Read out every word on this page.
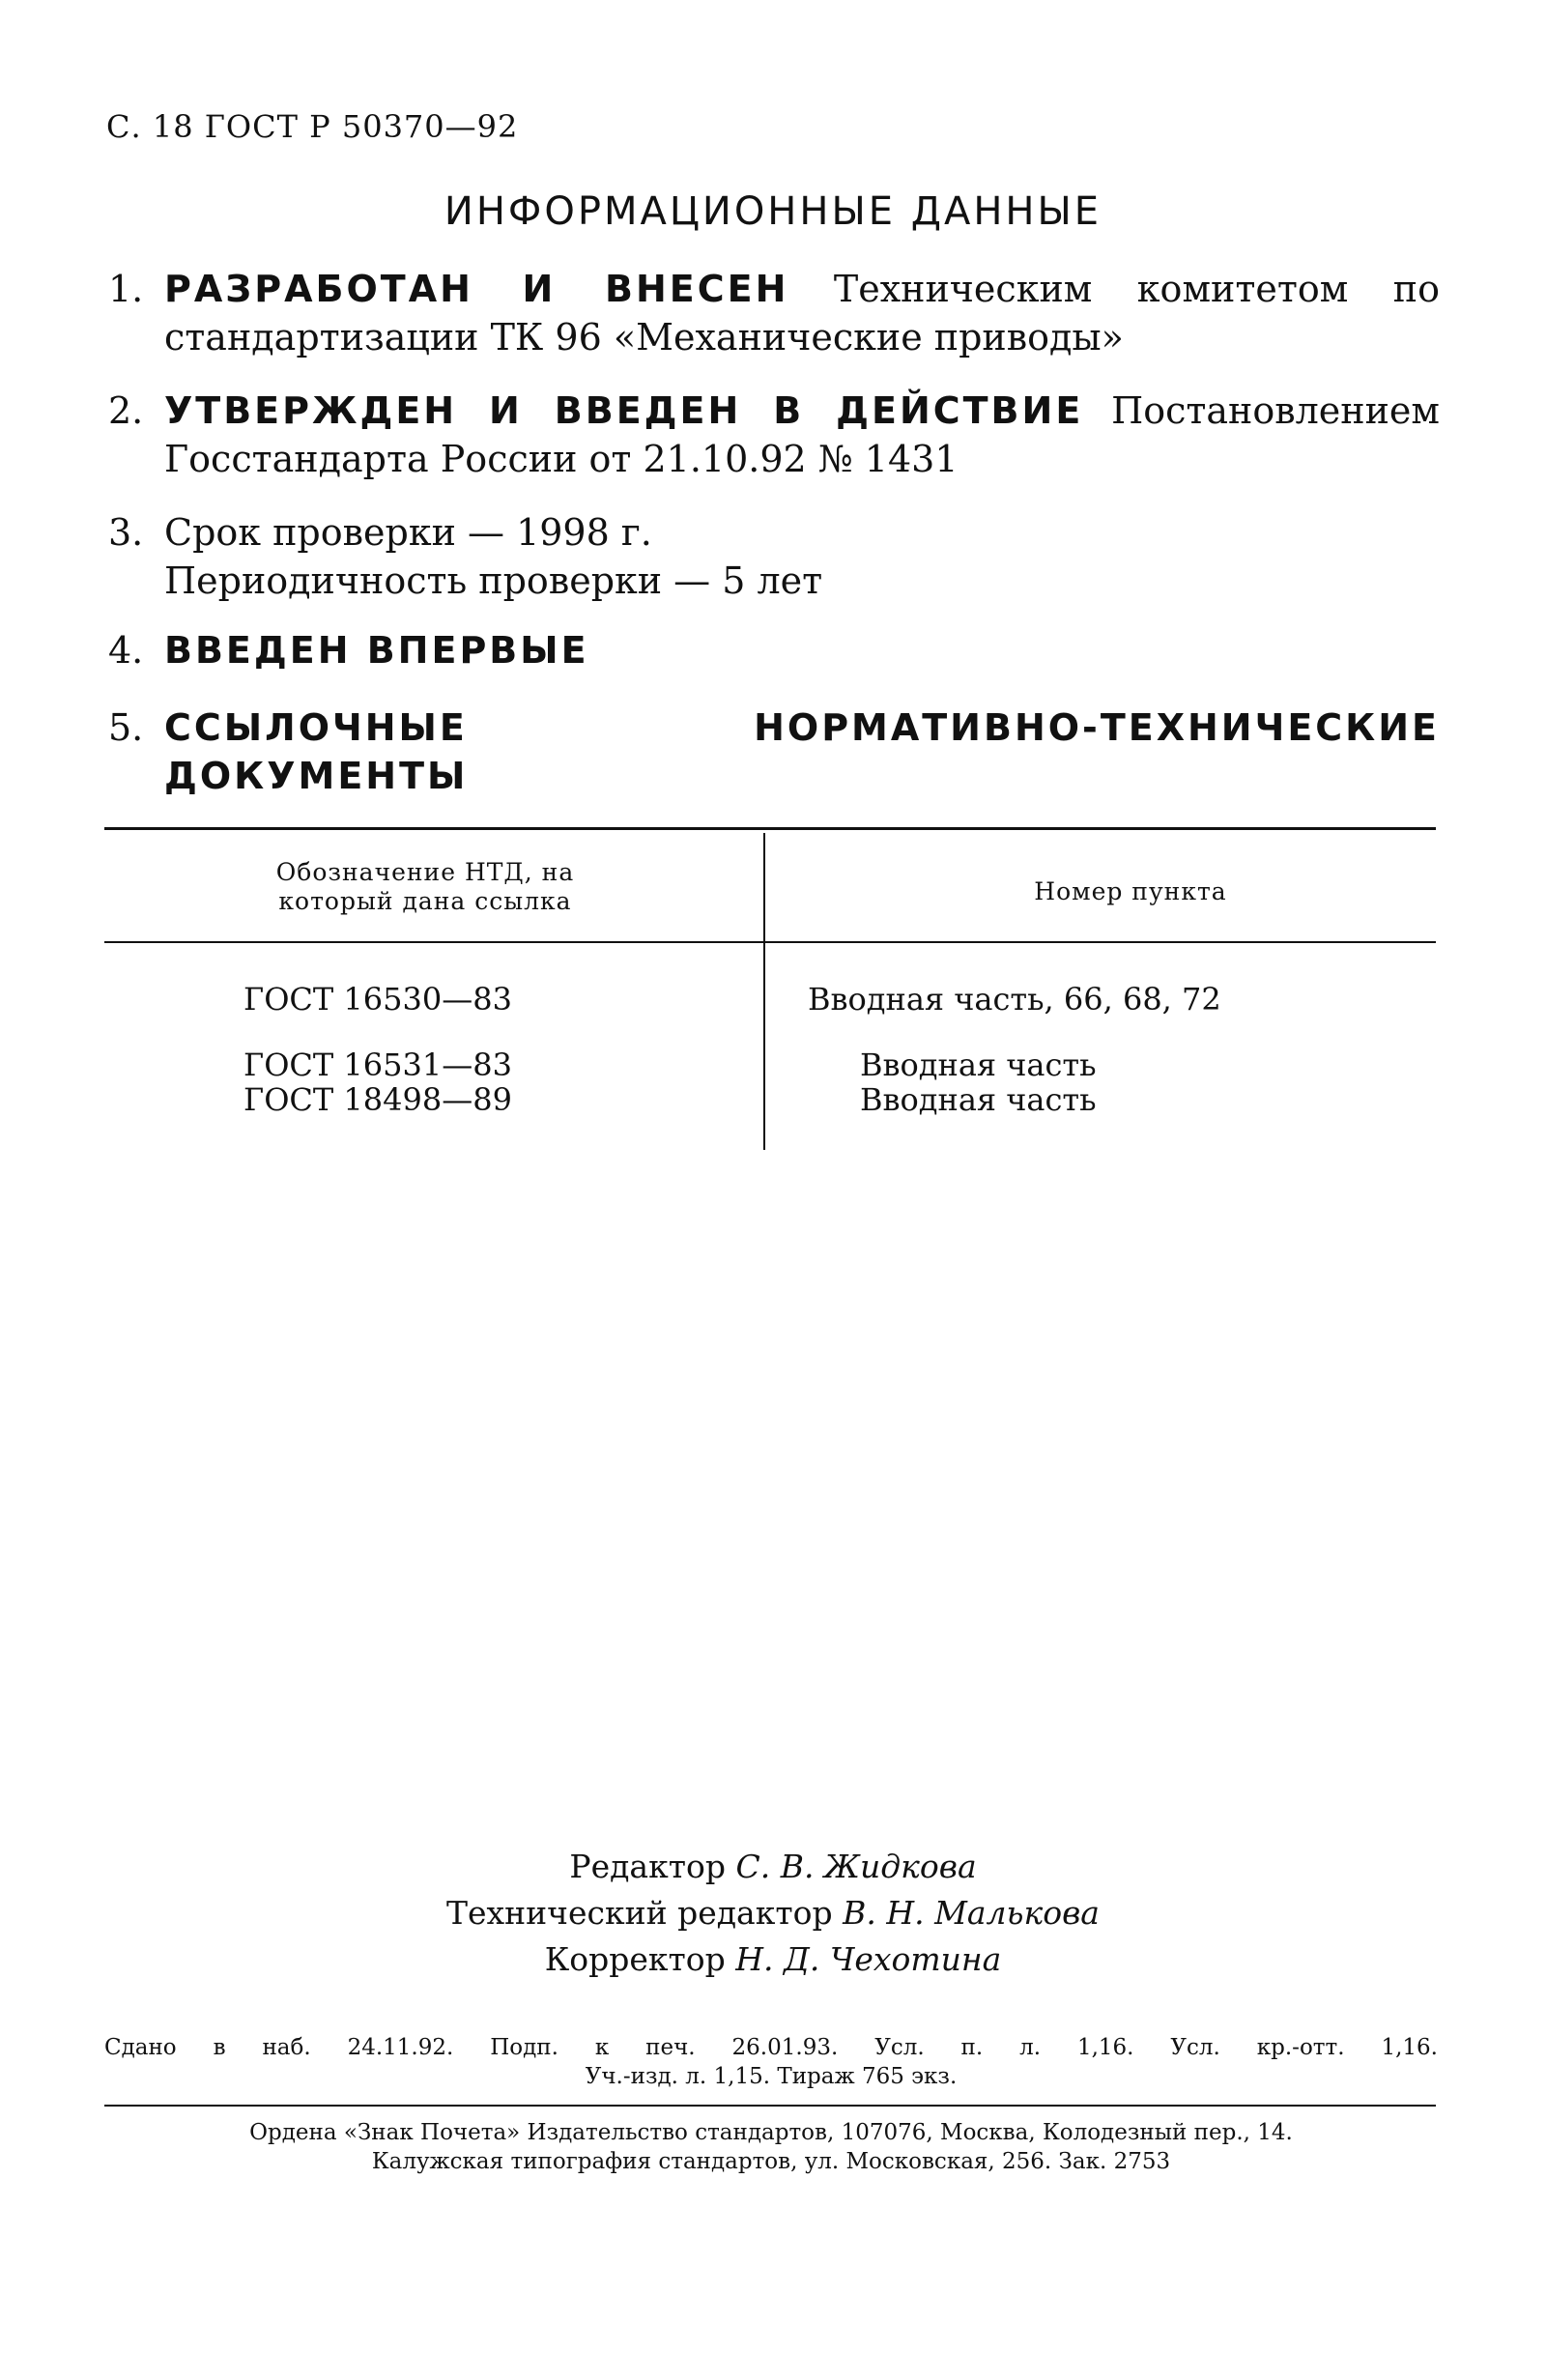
С. 18 ГОСТ Р 50370—92
ИНФОРМАЦИОННЫЕ ДАННЫЕ
1. РАЗРАБОТАН И ВНЕСЕН Техническим комитетом по стандартизации ТК 96 «Механические приводы»
2. УТВЕРЖДЕН И ВВЕДЕН В ДЕЙСТВИЕ Постановлением Госстандарта России от 21.10.92 № 1431
3. Срок проверки — 1998 г.
Периодичность проверки — 5 лет
4. ВВЕДЕН ВПЕРВЫЕ
5. ССЫЛОЧНЫЕ НОРМАТИВНО-ТЕХНИЧЕСКИЕ ДОКУМЕНТЫ
Обозначение НТД, на который дана ссылка	Номер пункта
ГОСТ 16530—83	Вводная часть, 66, 68, 72
ГОСТ 16531—83	Вводная часть
ГОСТ 18498—89	Вводная часть
Редактор С. В. Жидкова
Технический редактор В. Н. Малькова
Корректор Н. Д. Чехотина
Сдано в наб. 24.11.92. Подп. к печ. 26.01.93. Усл. п. л. 1,16. Усл. кр.-отт. 1,16.
Уч.-изд. л. 1,15. Тираж 765 экз.
Ордена «Знак Почета» Издательство стандартов, 107076, Москва, Колодезный пер., 14.
Калужская типография стандартов, ул. Московская, 256. Зак. 2753
